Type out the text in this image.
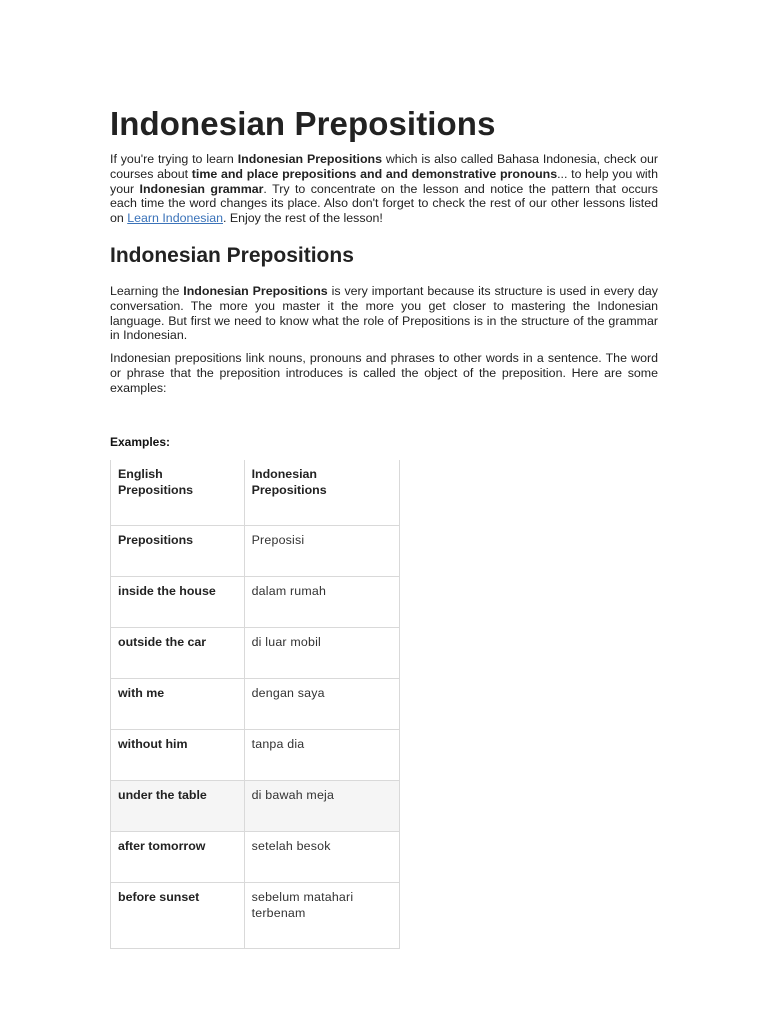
Indonesian Prepositions

If you're trying to learn Indonesian Prepositions which is also called Bahasa Indonesia, check our courses about time and place prepositions and and demonstrative pronouns... to help you with your Indonesian grammar. Try to concentrate on the lesson and notice the pattern that occurs each time the word changes its place. Also don't forget to check the rest of our other lessons listed on Learn Indonesian. Enjoy the rest of the lesson!

Indonesian Prepositions

Learning the Indonesian Prepositions is very important because its structure is used in every day conversation. The more you master it the more you get closer to mastering the Indonesian language. But first we need to know what the role of Prepositions is in the structure of the grammar in Indonesian.

Indonesian prepositions link nouns, pronouns and phrases to other words in a sentence. The word or phrase that the preposition introduces is called the object of the preposition. Here are some examples:

Examples:
English Prepositions	Indonesian Prepositions
Prepositions	Preposisi
inside the house	dalam rumah
outside the car	di luar mobil
with me	dengan saya
without him	tanpa dia
under the table	di bawah meja
after tomorrow	setelah besok
before sunset	sebelum matahari terbenam
